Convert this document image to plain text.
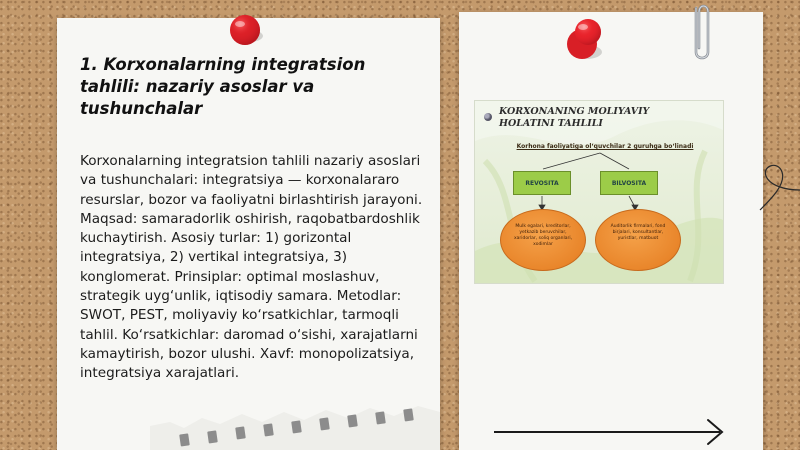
1. Korxonalarning integratsion tahlili: nazariy asoslar va tushunchalar
Korxonalarning integratsion tahlili nazariy asoslari va tushunchalari: integratsiya — korxonalararo resurslar, bozor va faoliyatni birlashtirish jarayoni. Maqsad: samaradorlik oshirish, raqobatbardoshlik kuchaytirish. Asosiy turlar: 1) gorizontal integratsiya, 2) vertikal integratsiya, 3) konglomerat. Prinsiplar: optimal moslashuv, strategik uyg‘unlik, iqtisodiy samara. Metodlar: SWOT, PEST, moliyaviy ko‘rsatkichlar, tarmoqli tahlil. Ko‘rsatkichlar: daromad o‘sishi, xarajatlarni kamaytirish, bozor ulushi. Xavf: monopolizatsiya, integratsiya xarajatlari.
KORXONANING MOLIYAVIY HOLATINI TAHLILI
Korhona faoliyatiga ol‘quvchilar 2 guruhga bo‘linadi
REVOSITA	BILVOSITA
Mulk egalari, kreditorlar, yetkazib beruvchilar, xaridorlar, soliq organlari, xodimlar
Auditorlik firmalari, fond birjalari, konsultantlar, yuristlar, matbuot
